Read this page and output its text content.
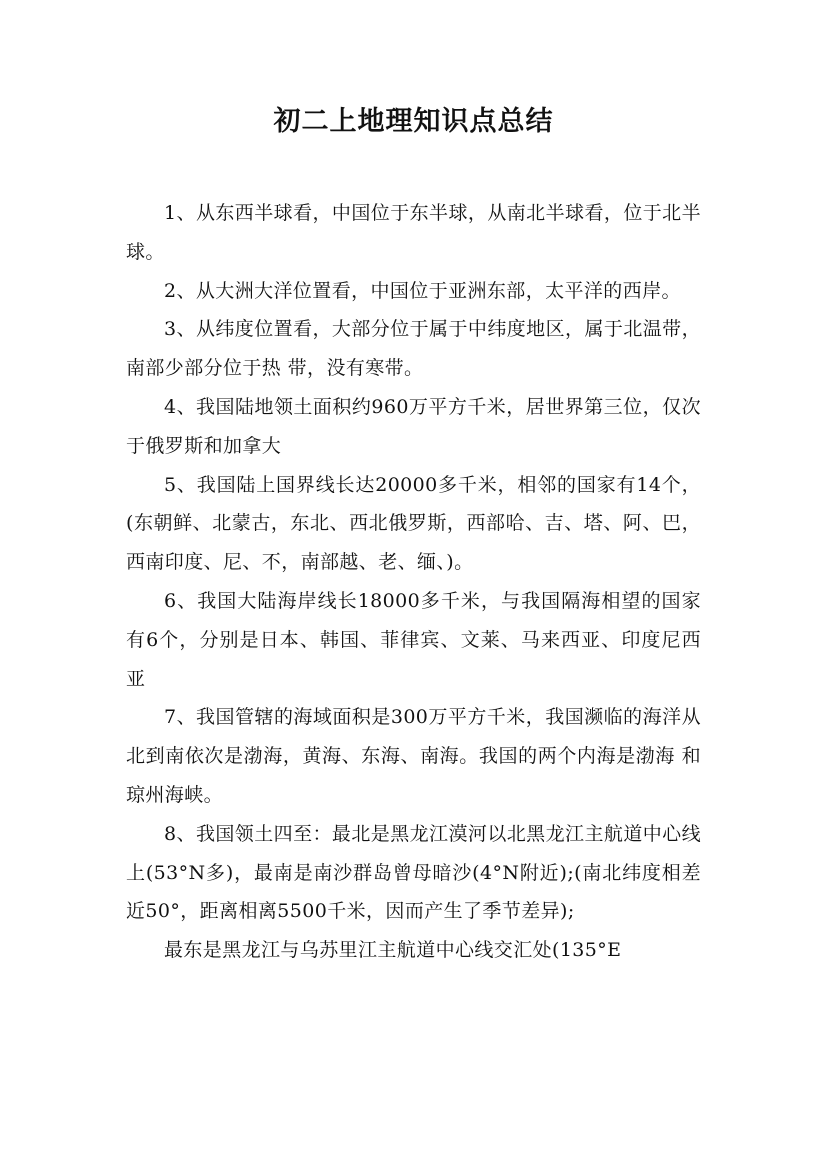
初二上地理知识点总结

1、从东西半球看，中国位于东半球，从南北半球看，位于北半球。

2、从大洲大洋位置看，中国位于亚洲东部，太平洋的西岸。

3、从纬度位置看，大部分位于属于中纬度地区，属于北温带，南部少部分位于热 带，没有寒带。

4、我国陆地领土面积约960万平方千米，居世界第三位，仅次于俄罗斯和加拿大

5、我国陆上国界线长达20000多千米，相邻的国家有14个，(东朝鲜、北蒙古，东北、西北俄罗斯，西部哈、吉、塔、阿、巴，西南印度、尼、不，南部越、老、缅、)。

6、我国大陆海岸线长18000多千米，与我国隔海相望的国家有6个，分别是日本、韩国、菲律宾、文莱、马来西亚、印度尼西亚

7、我国管辖的海域面积是300万平方千米，我国濒临的海洋从北到南依次是渤海，黄海、东海、南海。我国的两个内海是渤海 和 琼州海峡。

8、我国领土四至：最北是黑龙江漠河以北黑龙江主航道中心线上(53°N多)，最南是南沙群岛曾母暗沙(4°N附近);(南北纬度相差近50°，距离相离5500千米，因而产生了季节差异);

最东是黑龙江与乌苏里江主航道中心线交汇处(135°E
